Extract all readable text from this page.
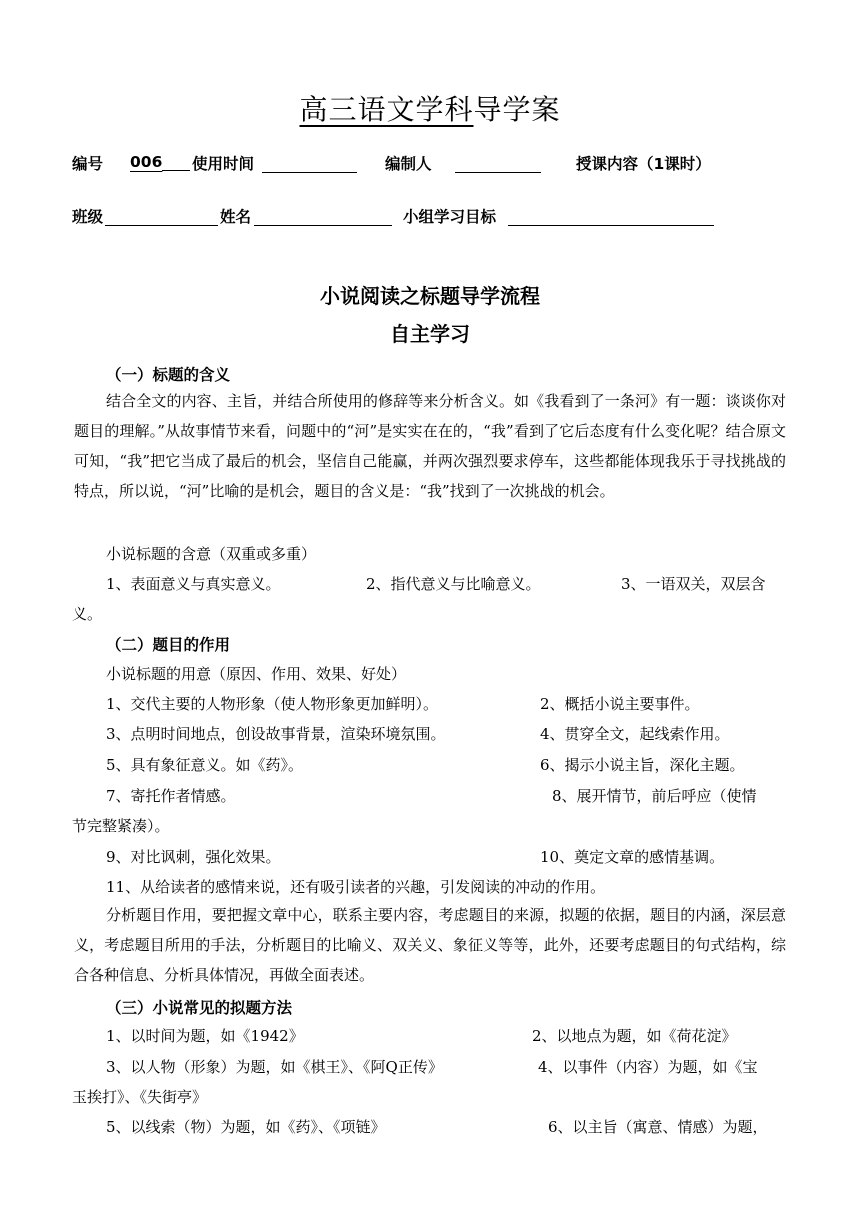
高三语文学科导学案
编号 006	使用时间	编制人	授课内容（1课时）
班级	姓名	小组学习目标
小说阅读之标题导学流程
自主学习
（一）标题的含义
结合全文的内容、主旨，并结合所使用的修辞等来分析含义。如《我看到了一条河》有一题：谈谈你对题目的理解。”从故事情节来看，问题中的“河”是实实在在的，“我”看到了它后态度有什么变化呢？结合原文可知，“我”把它当成了最后的机会，坚信自己能赢，并两次强烈要求停车，这些都能体现我乐于寻找挑战的特点，所以说，“河”比喻的是机会，题目的含义是：“我”找到了一次挑战的机会。
小说标题的含意（双重或多重）
1、表面意义与真实意义。	2、指代意义与比喻意义。	3、一语双关，双层含
义。
（二）题目的作用
小说标题的用意（原因、作用、效果、好处）
1、交代主要的人物形象（使人物形象更加鲜明）。	2、概括小说主要事件。
3、点明时间地点，创设故事背景，渲染环境氛围。	4、贯穿全文，起线索作用。
5、具有象征意义。如《药》。	6、揭示小说主旨，深化主题。
7、寄托作者情感。	8、展开情节，前后呼应（使情
节完整紧凑）。
9、对比讽刺，强化效果。	10、奠定文章的感情基调。
11、从给读者的感情来说，还有吸引读者的兴趣，引发阅读的冲动的作用。
分析题目作用，要把握文章中心，联系主要内容，考虑题目的来源，拟题的依据，题目的内涵，深层意义，考虑题目所用的手法，分析题目的比喻义、双关义、象征义等等，此外，还要考虑题目的句式结构，综合各种信息、分析具体情况，再做全面表述。
（三）小说常见的拟题方法
1、以时间为题，如《1942》	2、以地点为题，如《荷花淀》
3、以人物（形象）为题，如《棋王》、《阿Q正传》	4、以事件（内容）为题，如《宝
玉挨打》、《失街亭》
5、以线索（物）为题，如《药》、《项链》	6、以主旨（寓意、情感）为题，
